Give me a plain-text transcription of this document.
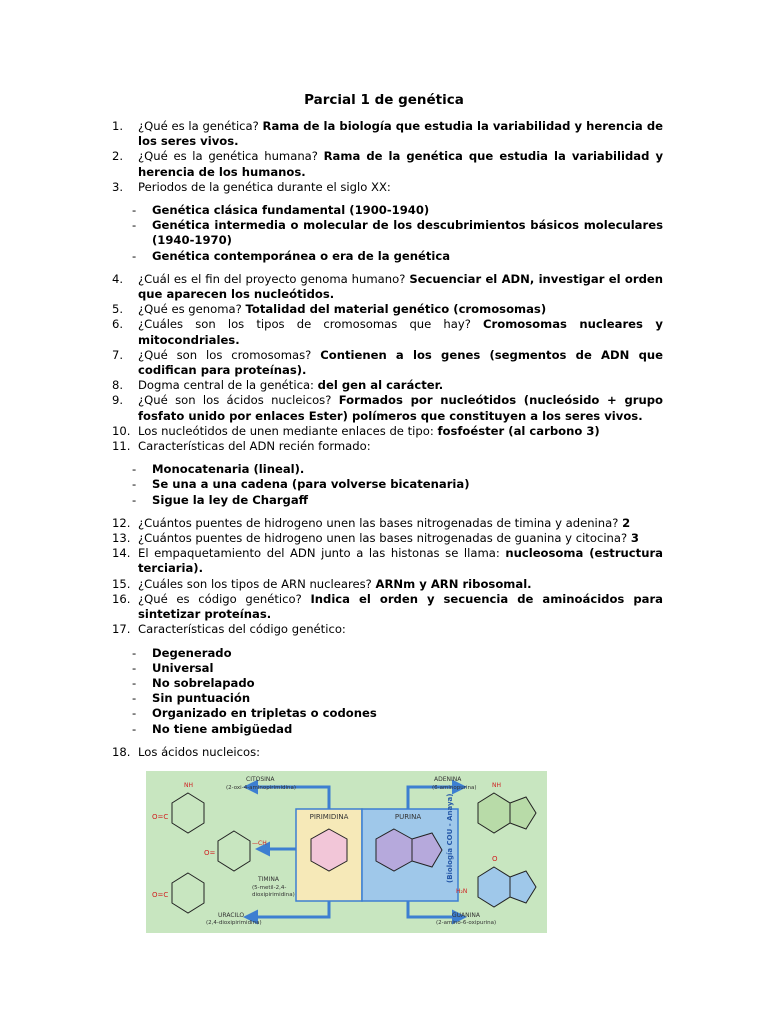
Parcial 1 de genética
1.	¿Qué es la genética? Rama de la biología que estudia la variabilidad y herencia de los seres vivos.
2.	¿Qué es la genética humana? Rama de la genética que estudia la variabilidad y herencia de los humanos.
3.	Periodos de la genética durante el siglo XX:
-	Genética clásica fundamental (1900-1940)
-	Genética intermedia o molecular de los descubrimientos básicos moleculares (1940-1970)
-	Genética contemporánea o era de la genética
4.	¿Cuál es el fin del proyecto genoma humano? Secuenciar el ADN, investigar el orden que aparecen los nucleótidos.
5.	¿Qué es genoma? Totalidad del material genético (cromosomas)
6.	¿Cuáles son los tipos de cromosomas que hay? Cromosomas nucleares y mitocondriales.
7.	¿Qué son los cromosomas? Contienen a los genes (segmentos de ADN que codifican para proteínas).
8.	Dogma central de la genética: del gen al carácter.
9.	¿Qué son los ácidos nucleicos? Formados por nucleótidos (nucleósido + grupo fosfato unido por enlaces Ester) polímeros que constituyen a los seres vivos.
10. Los nucleótidos de unen mediante enlaces de tipo: fosfoéster (al carbono 3)
11. Características del ADN recién formado:
-	Monocatenaria (lineal).
-	Se una a una cadena (para volverse bicatenaria)
-	Sigue la ley de Chargaff
12. ¿Cuántos puentes de hidrogeno unen las bases nitrogenadas de timina y adenina? 2
13. ¿Cuántos puentes de hidrogeno unen las bases nitrogenadas de guanina y citocina? 3
14. El empaquetamiento del ADN junto a las histonas se llama: nucleosoma (estructura terciaria).
15. ¿Cuáles son los tipos de ARN nucleares? ARNm y ARN ribosomal.
16. ¿Qué es código genético? Indica el orden y secuencia de aminoácidos para sintetizar proteínas.
17. Características del código genético:
-	Degenerado
-	Universal
-	No sobrelapado
-	Sin puntuación
-	Organizado en tripletas o codones
-	No tiene ambigüedad
18. Los ácidos nucleicos:
PIRIMIDINA	PURINA	(Biología COU - Anaya)
CITOSINA
(2-oxi-4-aminopirimidina)
TIMINA
(5-metil-2,4-
dioxipirimidina)
URACILO
(2,4-dioxipirimidina)
ADENINA
(6-aminopurina)
GUANINA
(2-amino-6-oxipurina)
NH
O=C
—CH
O=
O=C
NH
O
H₂N
